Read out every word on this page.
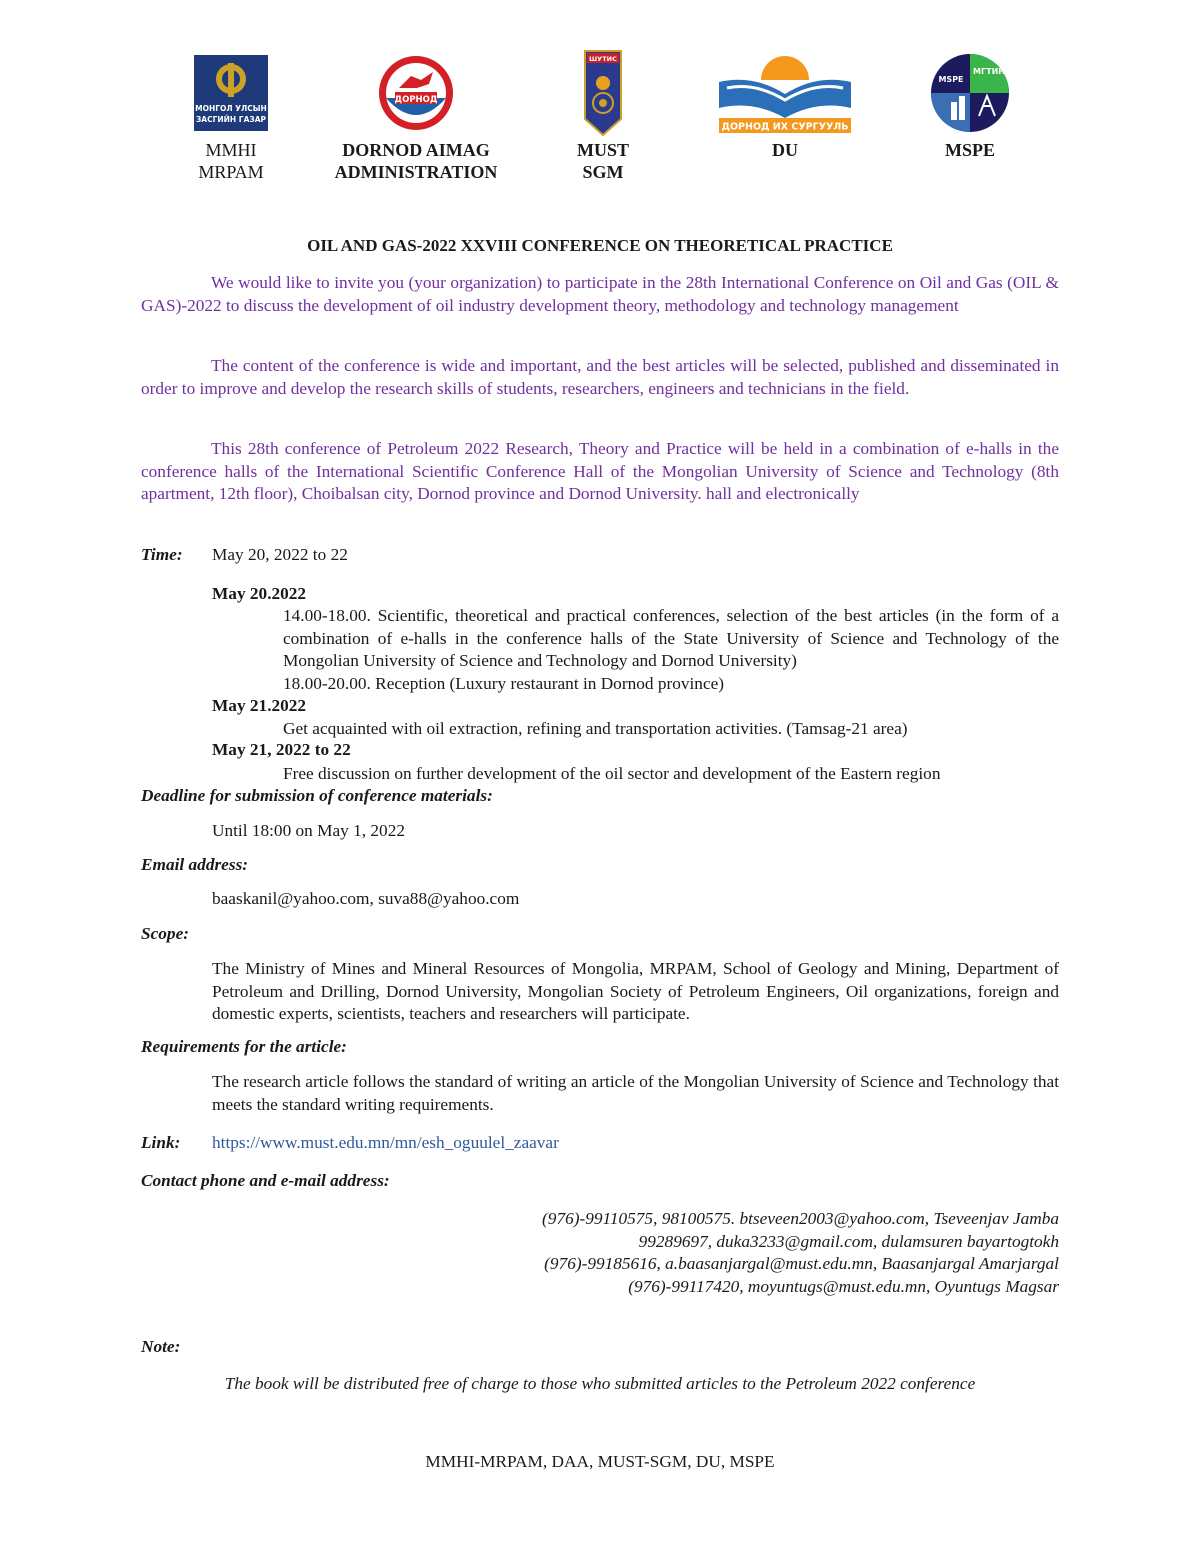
МОНГОЛ УЛСЫН
ЗАСГИЙН ГАЗАР
MMHI
MRPAM
ДОРНОД
DORNOD AIMAG
ADMINISTRATION
ШУТИС
MUST
SGM
ДОРНОД ИХ СУРГУУЛЬ
DU
MSPE
МГТИН
MSPE
OIL AND GAS-2022 XXVIII CONFERENCE ON THEORETICAL PRACTICE
We would like to invite you (your organization) to participate in the 28th International Conference on Oil and Gas (OIL & GAS)-2022 to discuss the development of oil industry development theory, methodology and technology management
The content of the conference is wide and important, and the best articles will be selected, published and disseminated in order to improve and develop the research skills of students, researchers, engineers and technicians in the field.
This 28th conference of Petroleum 2022 Research, Theory and Practice will be held in a combination of e-halls in the conference halls of the International Scientific Conference Hall of the Mongolian University of Science and Technology (8th apartment, 12th floor), Choibalsan city, Dornod province and Dornod University. hall and electronically
Time: May 20, 2022 to 22
May 20.2022
14.00-18.00. Scientific, theoretical and practical conferences, selection of the best articles (in the form of a combination of e-halls in the conference halls of the State University of Science and Technology of the Mongolian University of Science and Technology and Dornod University)
18.00-20.00. Reception (Luxury restaurant in Dornod province)
May 21.2022
Get acquainted with oil extraction, refining and transportation activities. (Tamsag-21 area)
May 21, 2022 to 22
Free discussion on further development of the oil sector and development of the Eastern region
Deadline for submission of conference materials:
Until 18:00 on May 1, 2022
Email address:
baaskanil@yahoo.com, suva88@yahoo.com
Scope:
The Ministry of Mines and Mineral Resources of Mongolia, MRPAM, School of Geology and Mining, Department of Petroleum and Drilling, Dornod University, Mongolian Society of Petroleum Engineers, Oil organizations, foreign and domestic experts, scientists, teachers and researchers will participate.
Requirements for the article:
The research article follows the standard of writing an article of the Mongolian University of Science and Technology that meets the standard writing requirements.
Link: https://www.must.edu.mn/mn/esh_oguulel_zaavar
Contact phone and e-mail address:
(976)-99110575, 98100575. btseveen2003@yahoo.com, Tseveenjav Jamba
99289697, duka3233@gmail.com, dulamsuren bayartogtokh
(976)-99185616, a.baasanjargal@must.edu.mn, Baasanjargal Amarjargal
(976)-99117420, moyuntugs@must.edu.mn, Oyuntugs Magsar
Note:
The book will be distributed free of charge to those who submitted articles to the Petroleum 2022 conference
MMHI-MRPAM, DAA, MUST-SGM, DU, MSPE
